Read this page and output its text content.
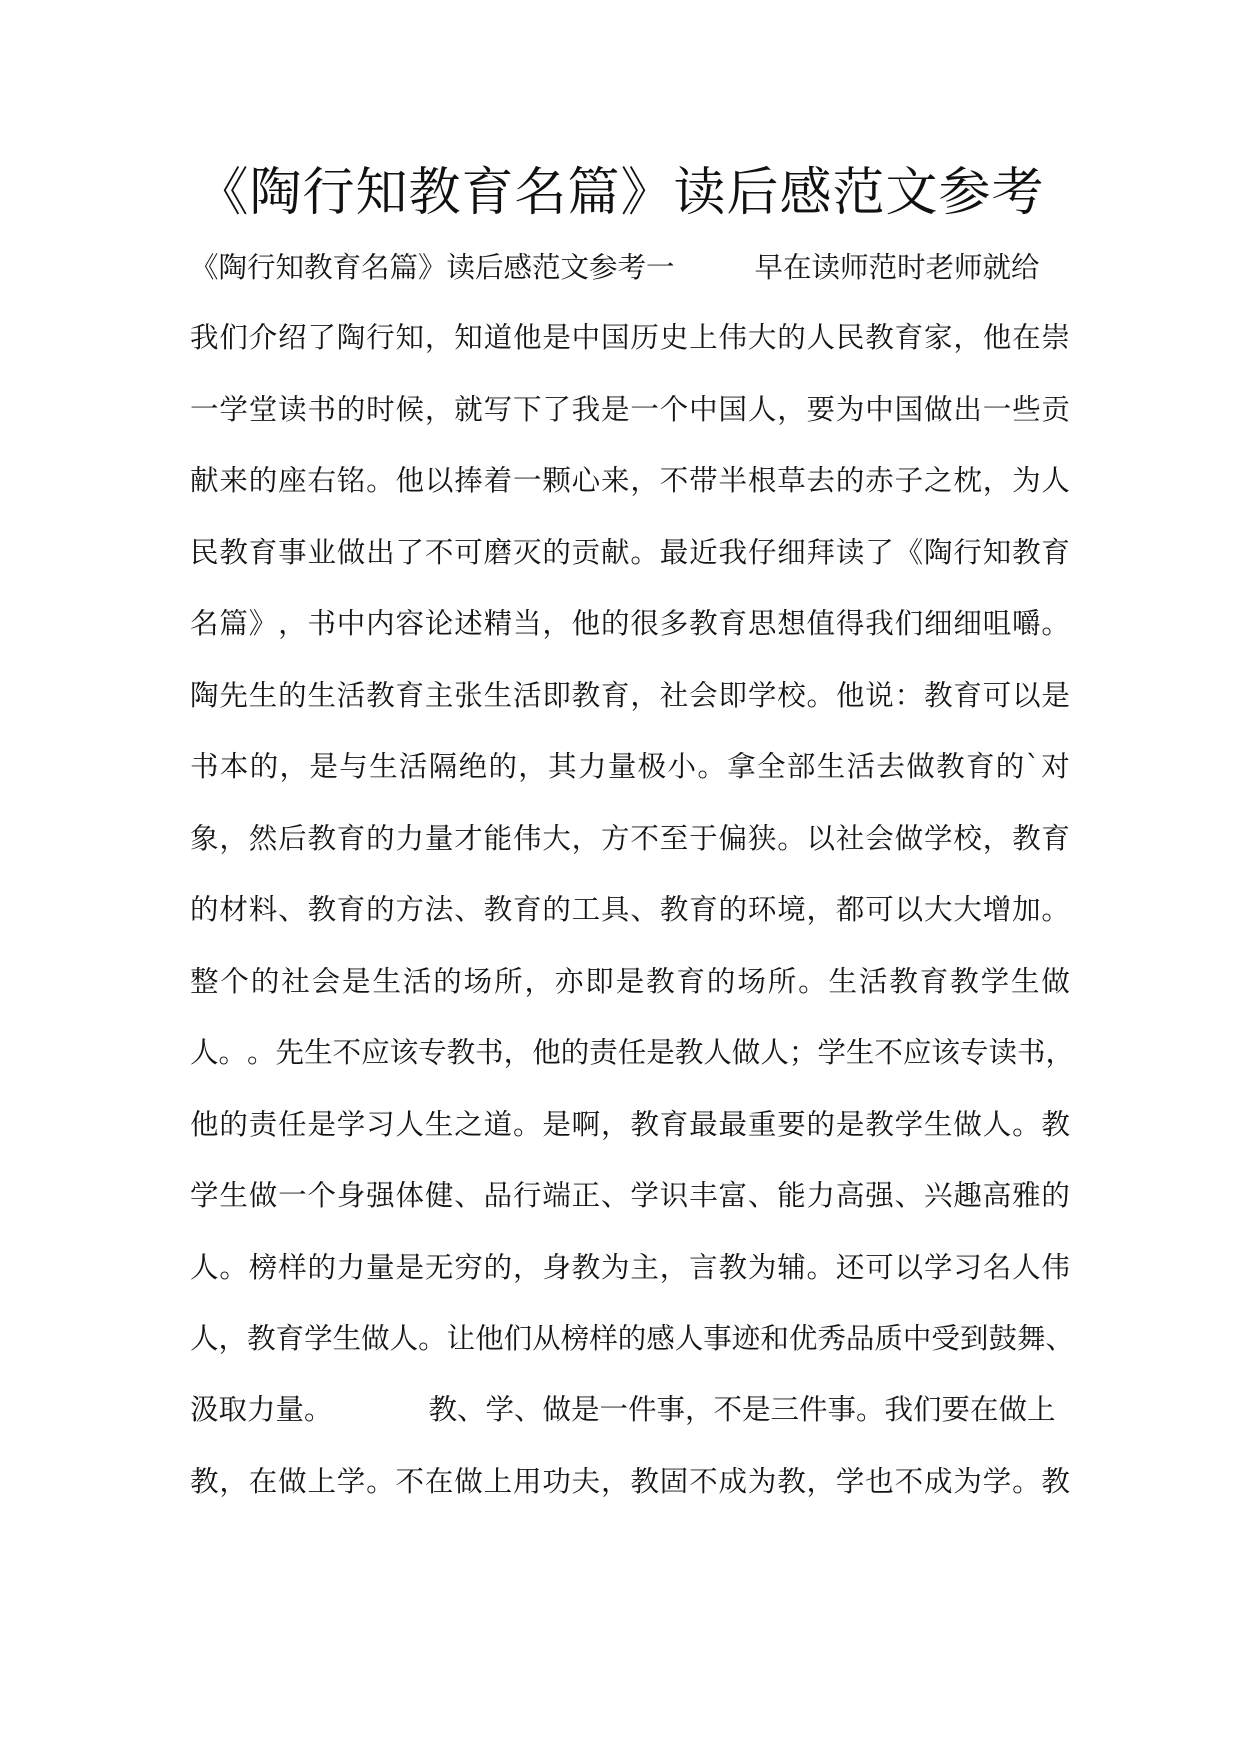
《陶行知教育名篇》读后感范文参考
《陶行知教育名篇》读后感范文参考一	早在读师范时老师就给
我 们 介 绍 了 陶 行 知 ， 知 道 他 是 中 国 历 史 上 伟 大 的 人 民 教 育 家 ， 他 在 崇
一 学 堂 读 书 的 时 候 ， 就 写 下 了 我 是 一 个 中 国 人 ， 要 为 中 国 做 出 一 些 贡
献 来 的 座 右 铭 。 他 以 捧 着 一 颗 心 来 ， 不 带 半 根 草 去 的 赤 子 之 枕 ， 为 人
民 教 育 事 业 做 出 了 不 可 磨 灭 的 贡 献 。 最 近 我 仔 细 拜 读 了 《 陶 行 知 教 育
名 篇 》 ， 书 中 内 容 论 述 精 当 ， 他 的 很 多 教 育 思 想 值 得 我 们 细 细 咀 嚼 。
陶 先 生 的 生 活 教 育 主 张 生 活 即 教 育 ， 社 会 即 学 校 。 他 说 ： 教 育 可 以 是
书 本 的 ， 是 与 生 活 隔 绝 的 ， 其 力 量 极 小 。 拿 全 部 生 活 去 做 教 育 的 ` 对
象 ， 然 后 教 育 的 力 量 才 能 伟 大 ， 方 不 至 于 偏 狭 。 以 社 会 做 学 校 ， 教 育
的 材 料 、 教 育 的 方 法 、 教 育 的 工 具 、 教 育 的 环 境 ， 都 可 以 大 大 增 加 。
整 个 的 社 会 是 生 活 的 场 所 ， 亦 即 是 教 育 的 场 所 。 生 活 教 育 教 学 生 做
人 。 。 先 生 不 应 该 专 教 书 ， 他 的 责 任 是 教 人 做 人 ； 学 生 不 应 该 专 读 书 ，
他 的 责 任 是 学 习 人 生 之 道 。 是 啊 ， 教 育 最 最 重 要 的 是 教 学 生 做 人 。 教
学 生 做 一 个 身 强 体 健 、 品 行 端 正 、 学 识 丰 富 、 能 力 高 强 、 兴 趣 高 雅 的
人 。 榜 样 的 力 量 是 无 穷 的 ， 身 教 为 主 ， 言 教 为 辅 。 还 可 以 学 习 名 人 伟
人 ， 教 育 学 生 做 人 。 让 他 们 从 榜 样 的 感 人 事 迹 和 优 秀 品 质 中 受 到 鼓 舞 、
汲取力量。	教、学、做是一件事，不是三件事。我们要在做上
教 ， 在 做 上 学 。 不 在 做 上 用 功 夫 ， 教 固 不 成 为 教 ， 学 也 不 成 为 学 。 教
